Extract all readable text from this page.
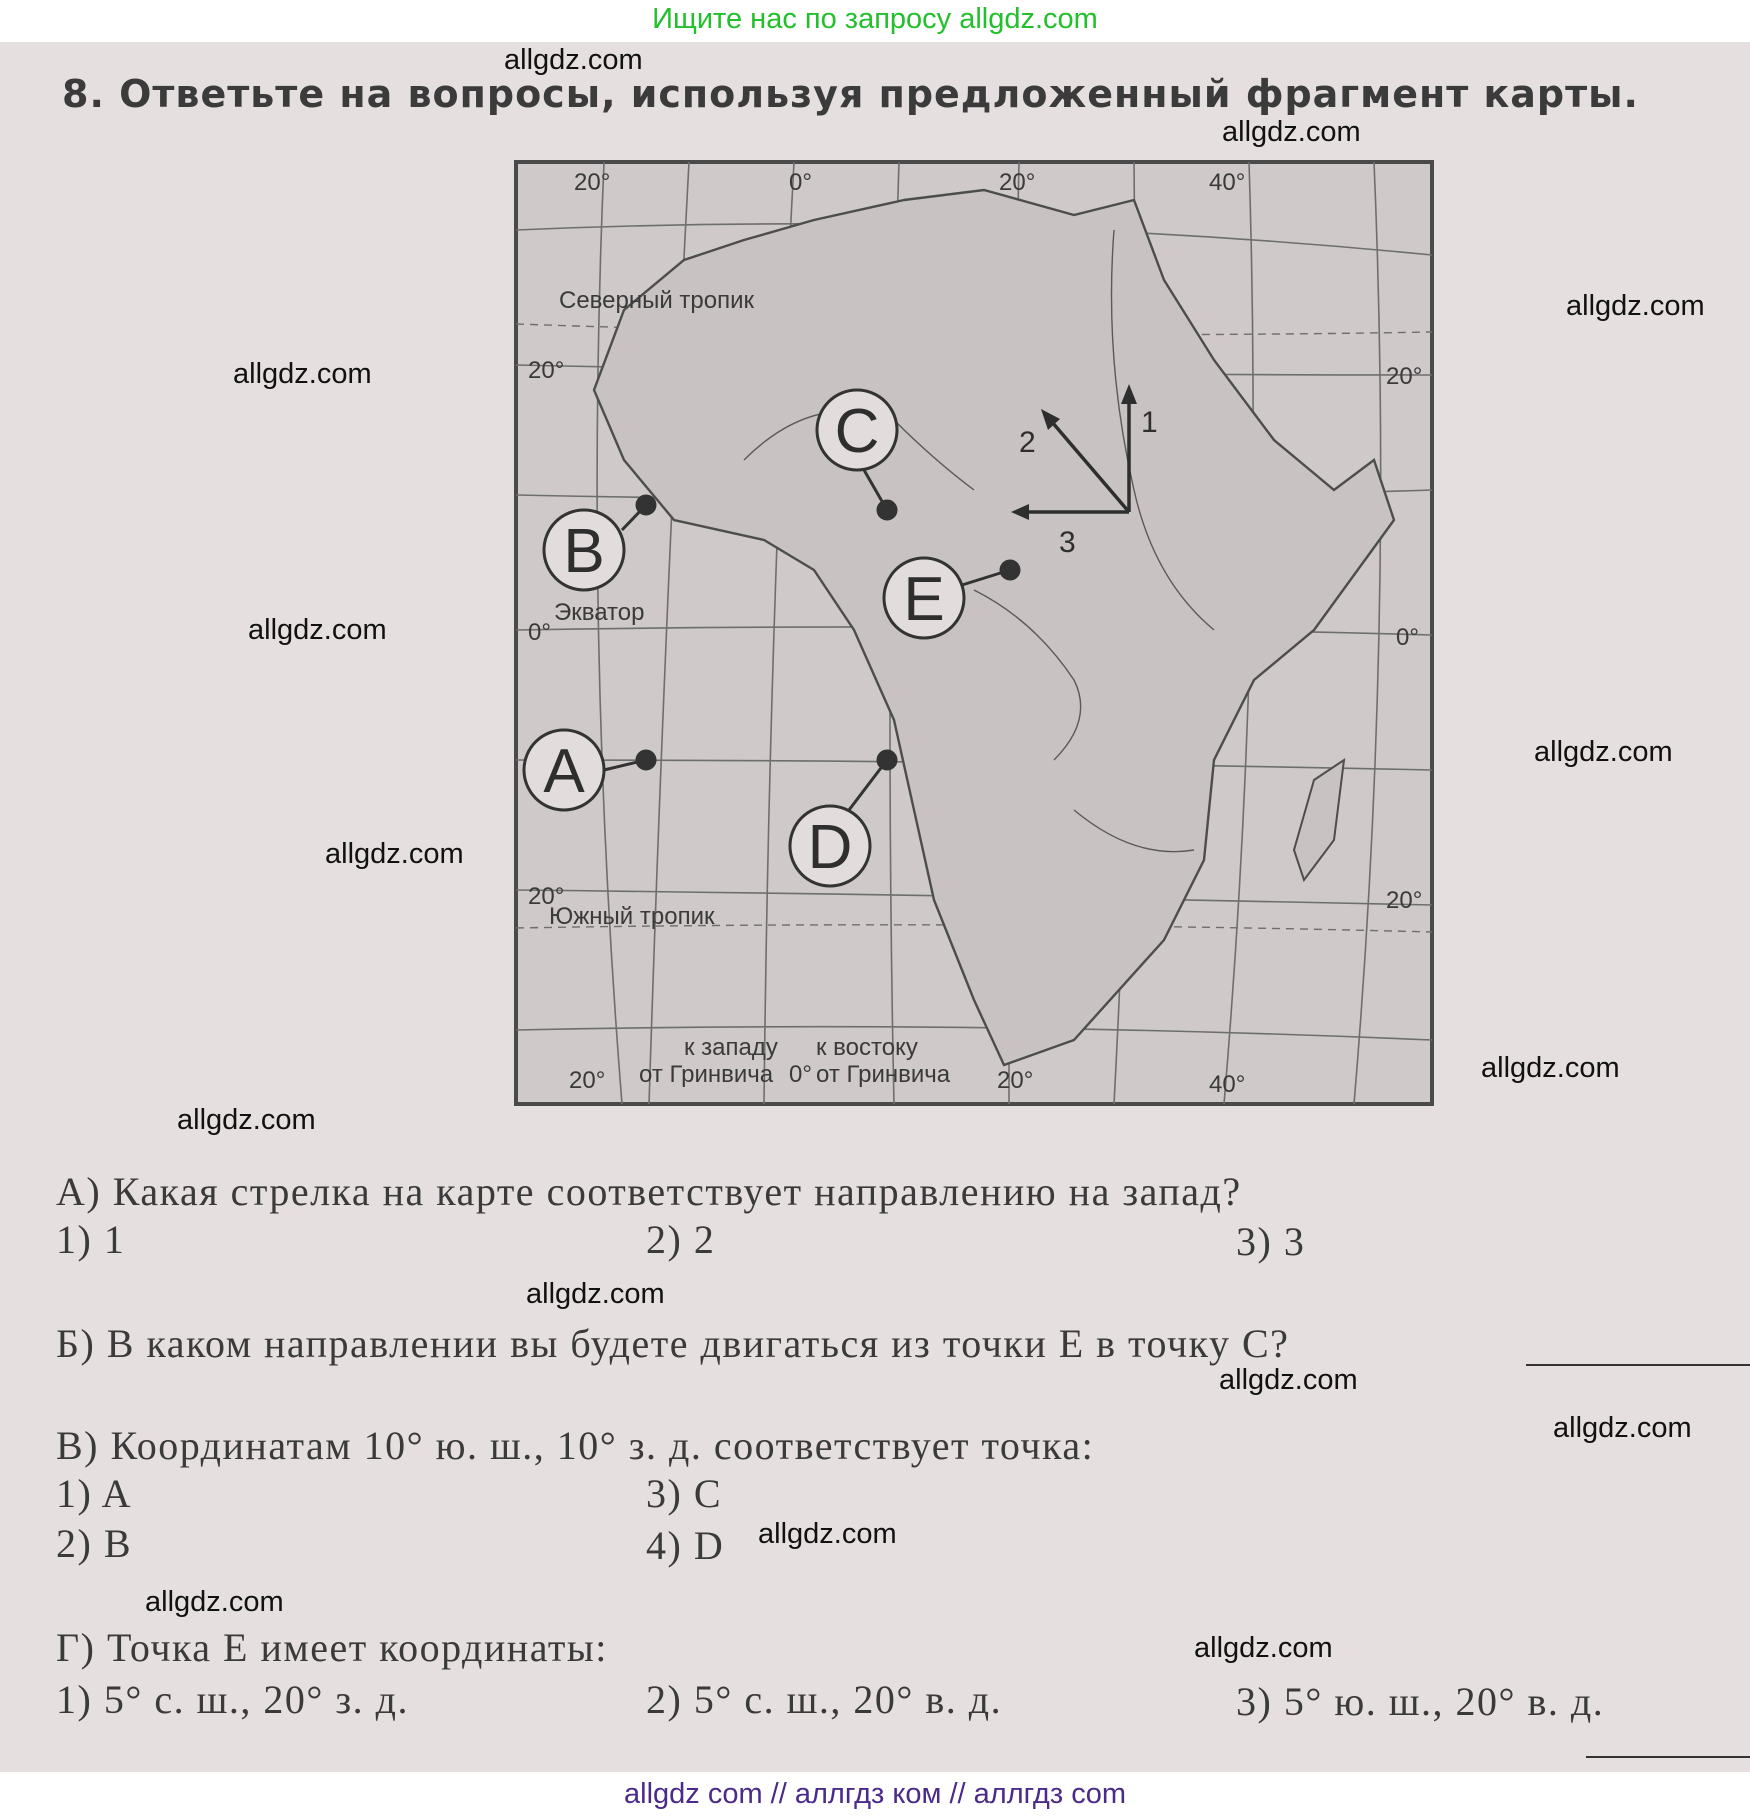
Ищите нас по запросу allgdz.com
8. Ответьте на вопросы, используя предложенный фрагмент карты.
Северный тропик
Экватор
Южный тропик
к западу
от Гринвича
к востоку
от Гринвича
20°	0°	20°	40°
20°	0°	20°	40°
20°
0°
20°
20°
0°
20°
C
B
E
A
D
1
2
3
А) Какая стрелка на карте соответствует направлению на запад?
1) 1	2) 2	3) 3
Б) В каком направлении вы будете двигаться из точки Е в точку С?
В) Координатам 10° ю. ш., 10° з. д. соответствует точка:
1) A	3) C
2) B	4) D
Г) Точка Е имеет координаты:
1) 5° с. ш., 20° з. д.	2) 5° с. ш., 20° в. д.	3) 5° ю. ш., 20° в. д.
allgdz.com
allgdz.com
allgdz.com
allgdz.com
allgdz.com
allgdz.com
allgdz.com
allgdz.com
allgdz.com
allgdz.com
allgdz.com
allgdz.com
allgdz.com
allgdz.com
allgdz.com
allgdz com // аллгдз ком // аллгдз com
